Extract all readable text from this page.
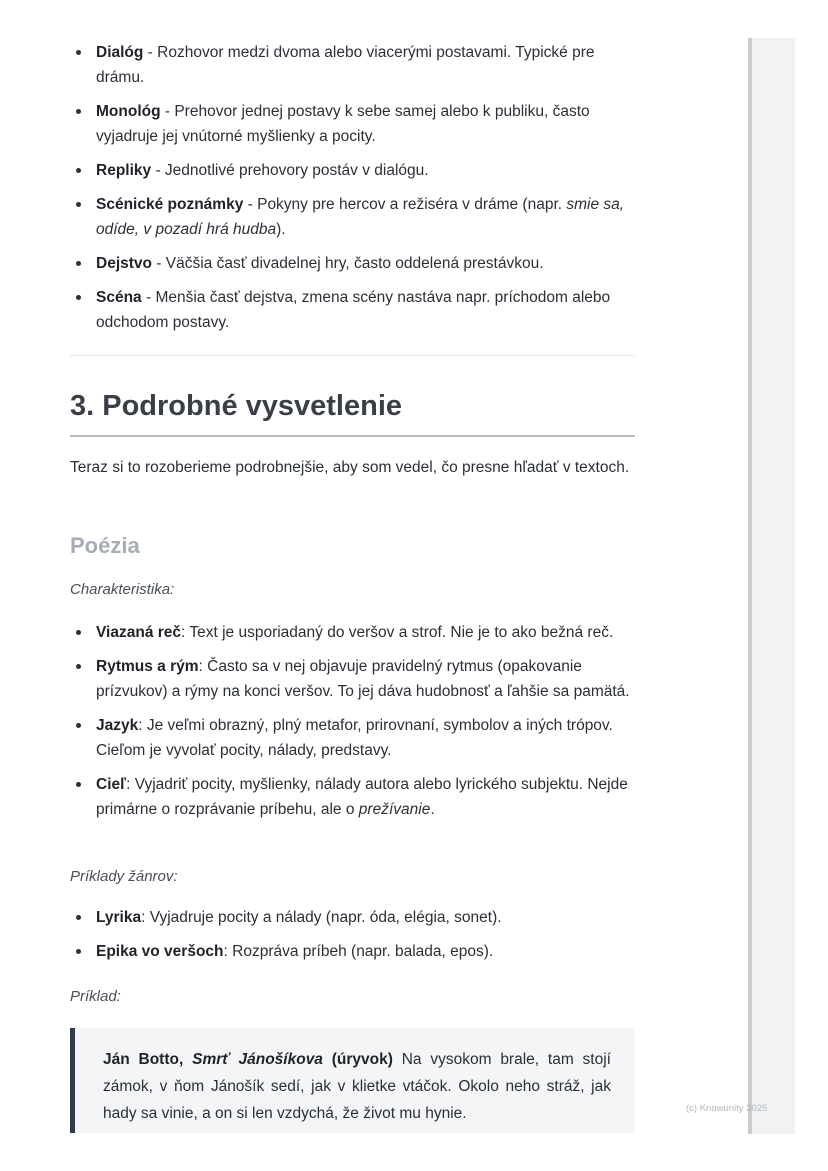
Dialóg - Rozhovor medzi dvoma alebo viacerými postavami. Typické pre drámu.
Monológ - Prehovor jednej postavy k sebe samej alebo k publiku, často vyjadruje jej vnútorné myšlienky a pocity.
Repliky - Jednotlivé prehovory postáv v dialógu.
Scénické poznámky - Pokyny pre hercov a režiséra v dráme (napr. smie sa, odíde, v pozadí hrá hudba).
Dejstvo - Väčšia časť divadelnej hry, často oddelená prestávkou.
Scéna - Menšia časť dejstva, zmena scény nastáva napr. príchodom alebo odchodom postavy.
3. Podrobné vysvetlenie
Teraz si to rozoberieme podrobnejšie, aby som vedel, čo presne hľadať v textoch.
Poézia
Charakteristika:
Viazaná reč: Text je usporiadaný do veršov a strof. Nie je to ako bežná reč.
Rytmus a rým: Často sa v nej objavuje pravidelný rytmus (opakovanie prízvukov) a rýmy na konci veršov. To jej dáva hudobnosť a ľahšie sa pamätá.
Jazyk: Je veľmi obrazný, plný metafor, prirovnaní, symbolov a iných trópov. Cieľom je vyvolať pocity, nálady, predstavy.
Cieľ: Vyjadriť pocity, myšlienky, nálady autora alebo lyrického subjektu. Nejde primárne o rozprávanie príbehu, ale o prežívanie.
Príklady žánrov:
Lyrika: Vyjadruje pocity a nálady (napr. óda, elégia, sonet).
Epika vo veršoch: Rozpráva príbeh (napr. balada, epos).
Príklad:
Ján Botto, Smrť Jánošíkova (úryvok) Na vysokom brale, tam stojí zámok, v ňom Jánošík sedí, jak v klietke vtáčok. Okolo neho stráž, jak hady sa vinie, a on si len vzdychá, že život mu hynie.	(c) Knowunity 2025
